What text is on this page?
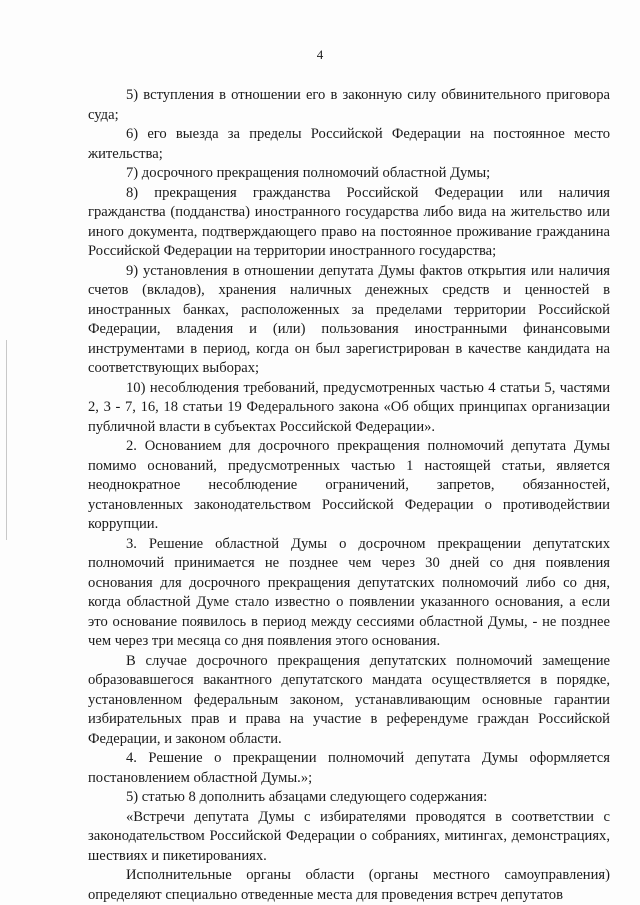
4

5) вступления в отношении его в законную силу обвинительного приговора суда;

6) его выезда за пределы Российской Федерации на постоянное место жительства;

7) досрочного прекращения полномочий областной Думы;

8) прекращения гражданства Российской Федерации или наличия гражданства (подданства) иностранного государства либо вида на жительство или иного документа, подтверждающего право на постоянное проживание гражданина Российской Федерации на территории иностранного государства;

9) установления в отношении депутата Думы фактов открытия или наличия счетов (вкладов), хранения наличных денежных средств и ценностей в иностранных банках, расположенных за пределами территории Российской Федерации, владения и (или) пользования иностранными финансовыми инструментами в период, когда он был зарегистрирован в качестве кандидата на соответствующих выборах;

10) несоблюдения требований, предусмотренных частью 4 статьи 5, частями 2, 3 - 7, 16, 18 статьи 19 Федерального закона «Об общих принципах организации публичной власти в субъектах Российской Федерации».

2. Основанием для досрочного прекращения полномочий депутата Думы помимо оснований, предусмотренных частью 1 настоящей статьи, является неоднократное несоблюдение ограничений, запретов, обязанностей, установленных законодательством Российской Федерации о противодействии коррупции.

3. Решение областной Думы о досрочном прекращении депутатских полномочий принимается не позднее чем через 30 дней со дня появления основания для досрочного прекращения депутатских полномочий либо со дня, когда областной Думе стало известно о появлении указанного основания, а если это основание появилось в период между сессиями областной Думы, - не позднее чем через три месяца со дня появления этого основания.

В случае досрочного прекращения депутатских полномочий замещение образовавшегося вакантного депутатского мандата осуществляется в порядке, установленном федеральным законом, устанавливающим основные гарантии избирательных прав и права на участие в референдуме граждан Российской Федерации, и законом области.

4. Решение о прекращении полномочий депутата Думы оформляется постановлением областной Думы.»;

5) статью 8 дополнить абзацами следующего содержания:

«Встречи депутата Думы с избирателями проводятся в соответствии с законодательством Российской Федерации о собраниях, митингах, демонстрациях, шествиях и пикетированиях.

Исполнительные органы области (органы местного самоуправления) определяют специально отведенные места для проведения встреч депутатов
